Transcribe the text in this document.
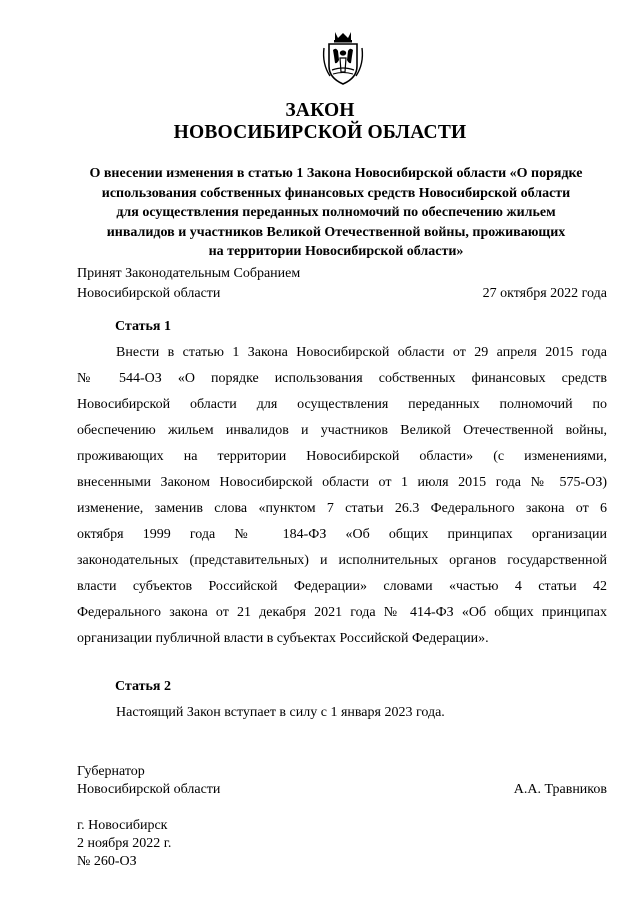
ЗАКОН
НОВОСИБИРСКОЙ ОБЛАСТИ
О внесении изменения в статью 1 Закона Новосибирской области «О порядке
использования собственных финансовых средств Новосибирской области
для осуществления переданных полномочий по обеспечению жильем
инвалидов и участников Великой Отечественной войны, проживающих
на территории Новосибирской области»
Принят Законодательным Собранием
Новосибирской области	27 октября 2022 года
Статья 1
Внести в статью 1 Закона Новосибирской области от 29 апреля 2015 года
№ 544-ОЗ «О порядке использования собственных финансовых средств
Новосибирской области для осуществления переданных полномочий по
обеспечению жильем инвалидов и участников Великой Отечественной войны,
проживающих на территории Новосибирской области» (с изменениями,
внесенными Законом Новосибирской области от 1 июля 2015 года № 575-ОЗ)
изменение, заменив слова «пунктом 7 статьи 26.3 Федерального закона от 6
октября 1999 года № 184-ФЗ «Об общих принципах организации
законодательных (представительных) и исполнительных органов государственной
власти субъектов Российской Федерации» словами «частью 4 статьи 42
Федерального закона от 21 декабря 2021 года № 414-ФЗ «Об общих принципах
организации публичной власти в субъектах Российской Федерации».
Статья 2
Настоящий Закон вступает в силу с 1 января 2023 года.
Губернатор
Новосибирской области	А.А. Травников
г. Новосибирск
2 ноября 2022 г.
№ 260-ОЗ
